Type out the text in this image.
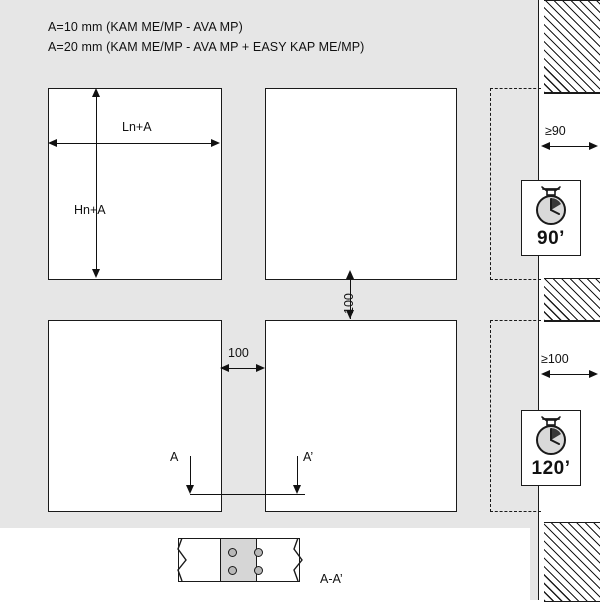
A=10 mm (KAM ME/MP - AVA MP)
A=20 mm (KAM ME/MP - AVA MP + EASY KAP ME/MP)
Ln+A
Hn+A
100
100
A	A’
≥90
≥100
90’
120’
A-A’
